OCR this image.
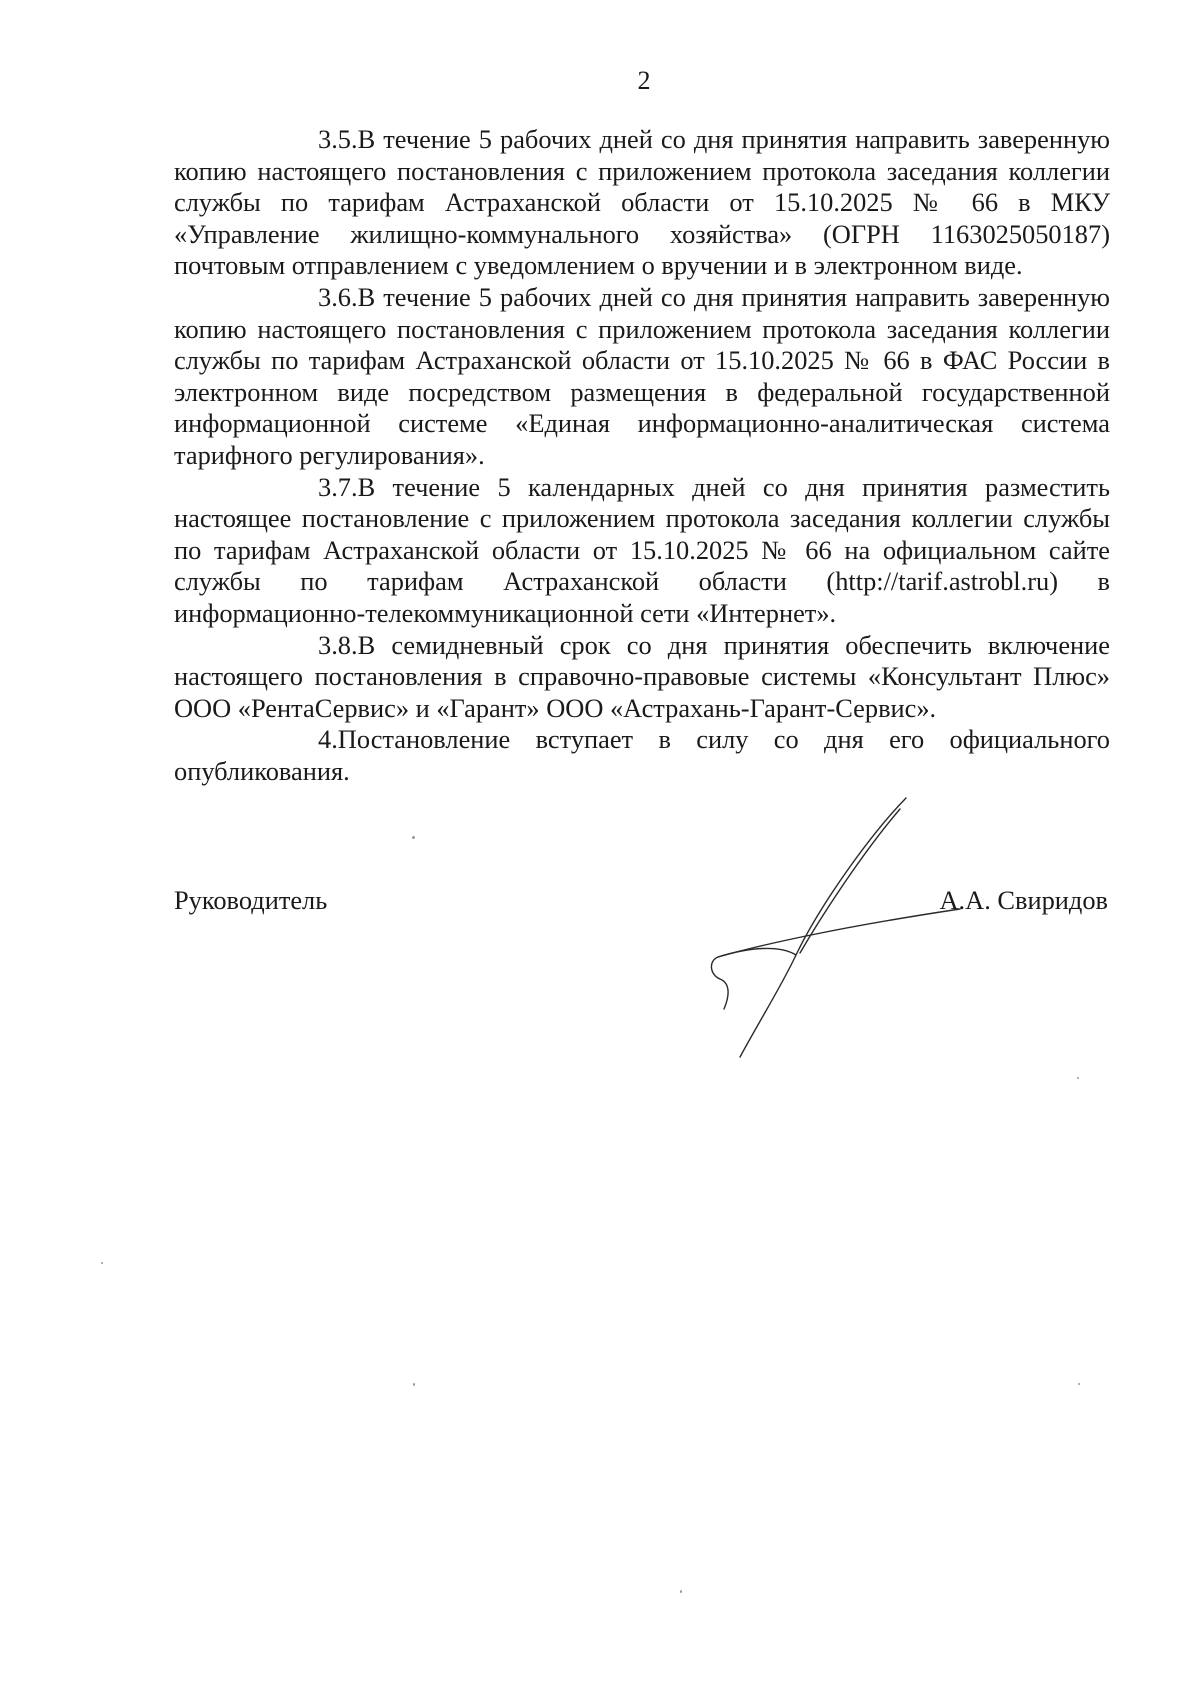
2

3.5.В течение 5 рабочих дней со дня принятия направить заверенную копию настоящего постановления с приложением протокола заседания коллегии службы по тарифам Астраханской области от 15.10.2025 № 66 в МКУ «Управление жилищно-коммунального хозяйства» (ОГРН 1163025050187) почтовым отправлением с уведомлением о вручении и в электронном виде.

3.6.В течение 5 рабочих дней со дня принятия направить заверенную копию настоящего постановления с приложением протокола заседания коллегии службы по тарифам Астраханской области от 15.10.2025 № 66 в ФАС России в электронном виде посредством размещения в федеральной государственной информационной системе «Единая информационно-аналитическая система тарифного регулирования».

3.7.В течение 5 календарных дней со дня принятия разместить настоящее постановление с приложением протокола заседания коллегии службы по тарифам Астраханской области от 15.10.2025 № 66 на официальном сайте службы по тарифам Астраханской области (http://tarif.astrobl.ru) в информационно-телекоммуникационной сети «Интернет».

3.8.В семидневный срок со дня принятия обеспечить включение настоящего постановления в справочно-правовые системы «Консультант Плюс» ООО «РентаСервис» и «Гарант» ООО «Астрахань-Гарант-Сервис».

4.Постановление вступает в силу со дня его официального опубликования.

Руководитель	А.А. Свиридов
